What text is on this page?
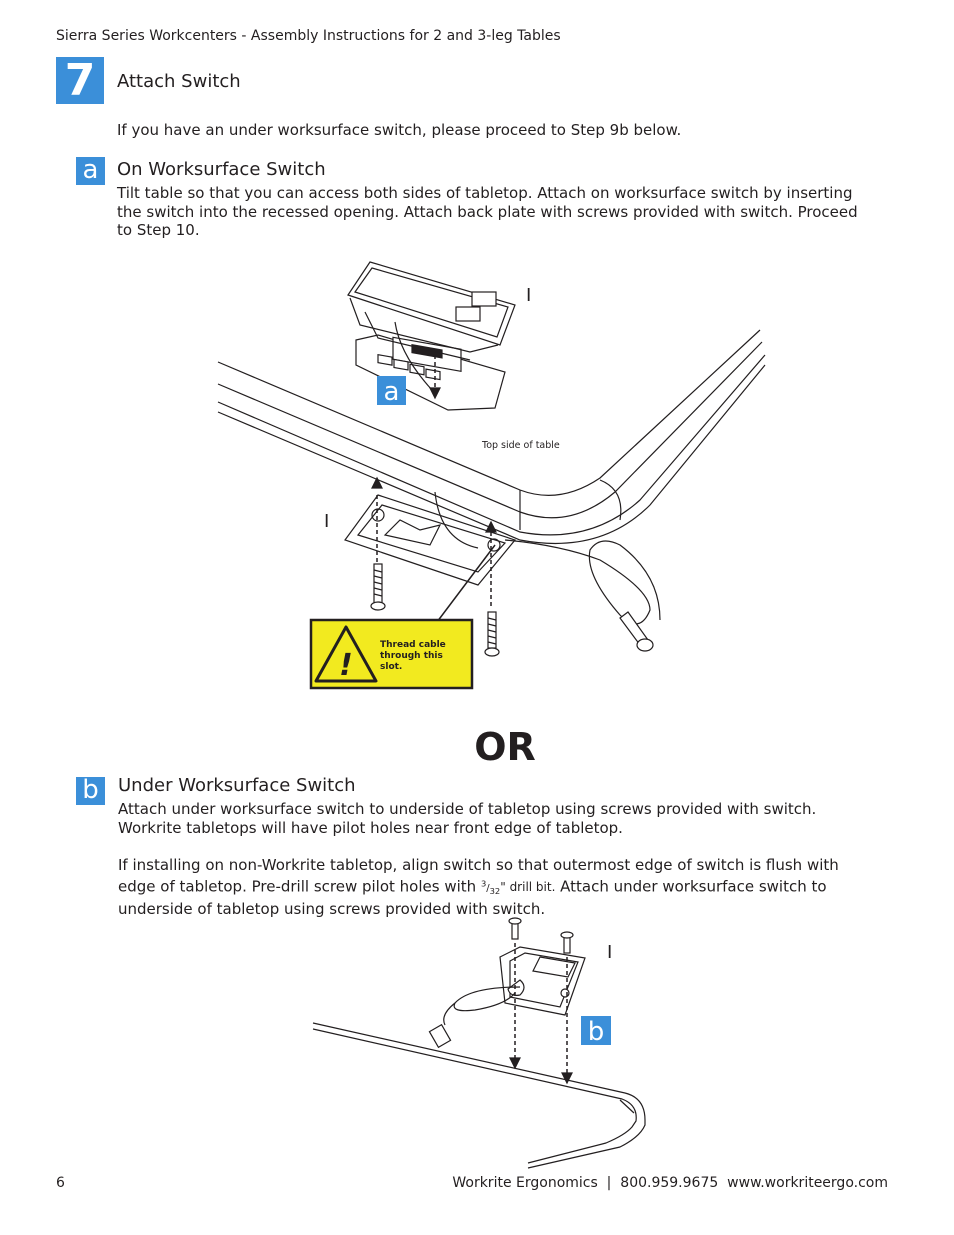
Sierra Series Workcenters - Assembly Instructions for 2 and 3-leg Tables
7	Attach Switch
If you have an under worksurface switch, please proceed to Step 9b below.
a	On Worksurface Switch
Tilt table so that you can access both sides of tabletop. Attach on worksurface switch by inserting
the switch into the recessed opening. Attach back plate with screws provided with switch. Proceed
to Step 10.
Top side of table
I
I
a
!
Thread cable through this slot.
OR
b	Under Worksurface Switch
Attach under worksurface switch to underside of tabletop using screws provided with switch.
Workrite tabletops will have pilot holes near front edge of tabletop.
If installing on non-Workrite tabletop, align switch so that outermost edge of switch is flush with
edge of tabletop. Pre-drill screw pilot holes with $^3/_{32}$" drill bit. Attach under worksurface switch to
underside of tabletop using screws provided with switch.
I
b
6	Workrite Ergonomics  |  800.959.9675  www.workriteergo.com
